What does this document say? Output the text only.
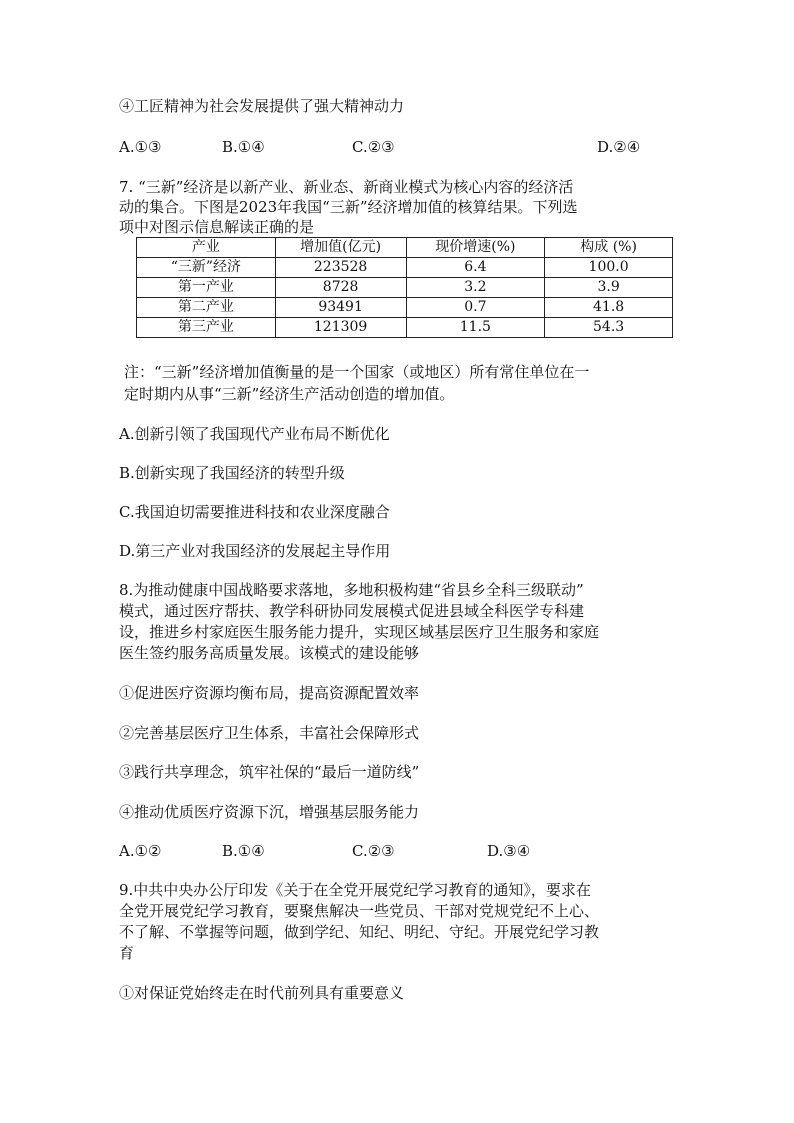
④工匠精神为社会发展提供了强大精神动力
A.①③	B.①④	C.②③	D.②④
7. “三新”经济是以新产业、新业态、新商业模式为核心内容的经济活
动的集合。下图是2023年我国“三新”经济增加值的核算结果。下列选
项中对图示信息解读正确的是
产业	增加值(亿元)	现价增速(%)	构成 (%)
“三新”经济	223528	6.4	100.0
第一产业	8728	3.2	3.9
第二产业	93491	0.7	41.8
第三产业	121309	11.5	54.3
注：“三新”经济增加值衡量的是一个国家（或地区）所有常住单位在一
定时期内从事“三新”经济生产活动创造的增加值。
A.创新引领了我国现代产业布局不断优化
B.创新实现了我国经济的转型升级
C.我国迫切需要推进科技和农业深度融合
D.第三产业对我国经济的发展起主导作用
8.为推动健康中国战略要求落地，多地积极构建“省县乡全科三级联动”
模式，通过医疗帮扶、教学科研协同发展模式促进县域全科医学专科建
设，推进乡村家庭医生服务能力提升，实现区域基层医疗卫生服务和家庭
医生签约服务高质量发展。该模式的建设能够
①促进医疗资源均衡布局，提高资源配置效率
②完善基层医疗卫生体系，丰富社会保障形式
③践行共享理念，筑牢社保的“最后一道防线”
④推动优质医疗资源下沉，增强基层服务能力
A.①②	B.①④	C.②③	D.③④
9.中共中央办公厅印发《关于在全党开展党纪学习教育的通知》，要求在
全党开展党纪学习教育，要聚焦解决一些党员、干部对党规党纪不上心、
不了解、不掌握等问题，做到学纪、知纪、明纪、守纪。开展党纪学习教
育
①对保证党始终走在时代前列具有重要意义
